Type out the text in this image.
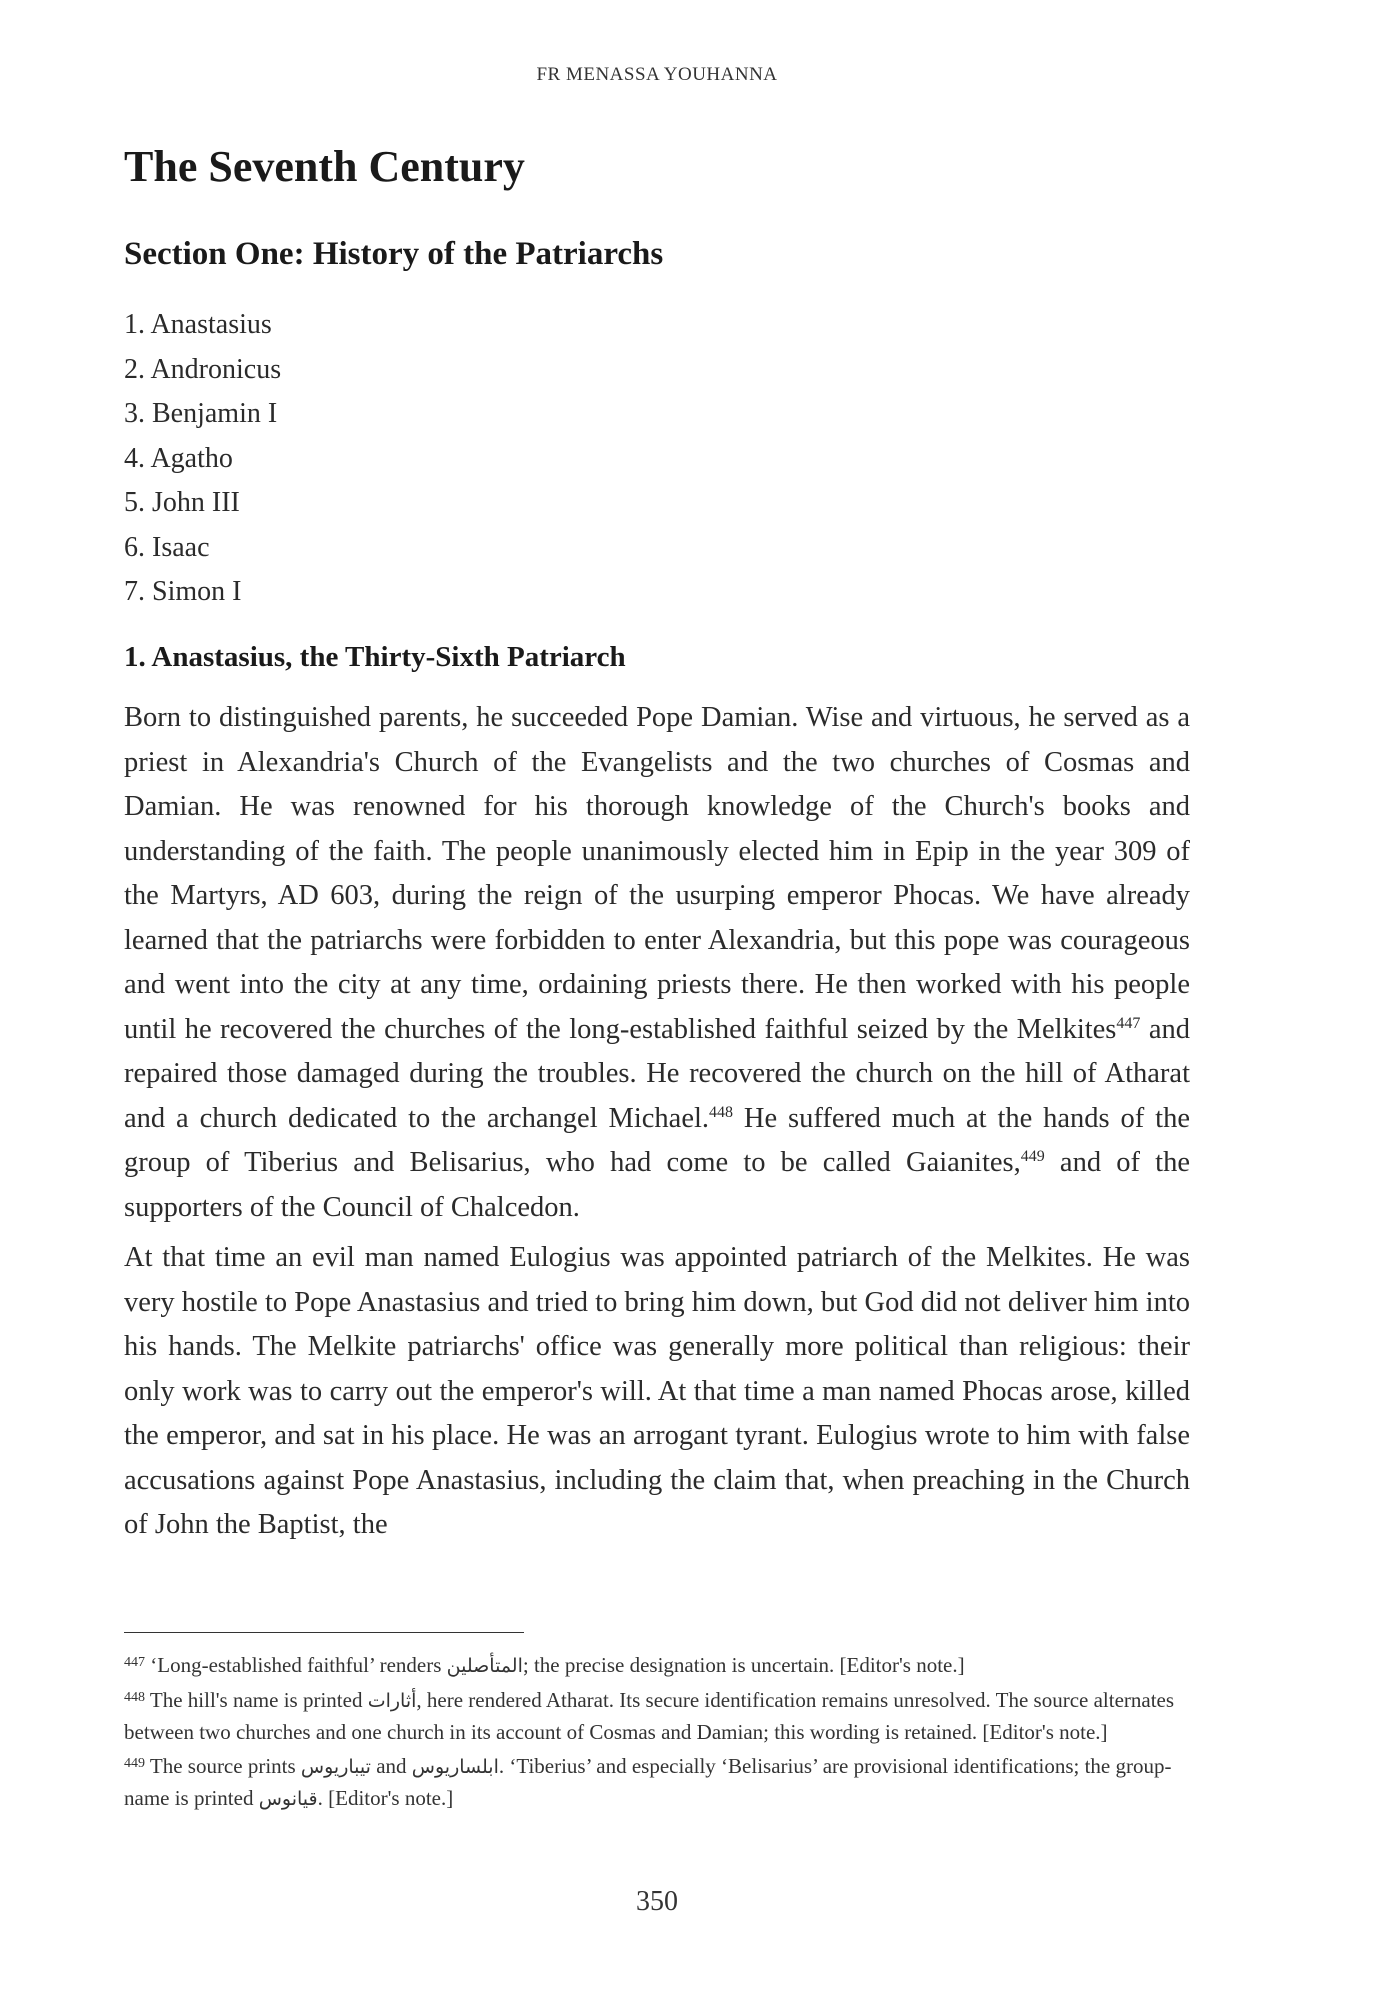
FR MENASSA YOUHANNA
The Seventh Century
Section One: History of the Patriarchs
1. Anastasius
2. Andronicus
3. Benjamin I
4. Agatho
5. John III
6. Isaac
7. Simon I
1. Anastasius, the Thirty-Sixth Patriarch

Born to distinguished parents, he succeeded Pope Damian. Wise and virtuous, he served as a priest in Alexandria's Church of the Evangelists and the two churches of Cosmas and Damian. He was renowned for his thorough knowledge of the Church's books and understanding of the faith. The people unanimously elected him in Epip in the year 309 of the Martyrs, AD 603, during the reign of the usurping emperor Phocas. We have already learned that the patriarchs were forbidden to enter Alexandria, but this pope was courageous and went into the city at any time, ordaining priests there. He then worked with his people until he recovered the churches of the long-established faithful seized by the Melkites$^{447}$ and repaired those damaged during the troubles. He recovered the church on the hill of Atharat and a church dedicated to the archangel Michael.$^{448}$ He suffered much at the hands of the group of Tiberius and Belisarius, who had come to be called Gaianites,$^{449}$ and of the supporters of the Council of Chalcedon.

At that time an evil man named Eulogius was appointed patriarch of the Melkites. He was very hostile to Pope Anastasius and tried to bring him down, but God did not deliver him into his hands. The Melkite patriarchs' office was generally more political than religious: their only work was to carry out the emperor's will. At that time a man named Phocas arose, killed the emperor, and sat in his place. He was an arrogant tyrant. Eulogius wrote to him with false accusations against Pope Anastasius, including the claim that, when preaching in the Church of John the Baptist, the

$^{447}$ ‘Long-established faithful’ renders المتأصلين; the precise designation is uncertain. [Editor's note.]

$^{448}$ The hill's name is printed أثارات, here rendered Atharat. Its secure identification remains unresolved. The source alternates between two churches and one church in its account of Cosmas and Damian; this wording is retained. [Editor's note.]

$^{449}$ The source prints تيباريوس and ابلساريوس. ‘Tiberius’ and especially ‘Belisarius’ are provisional identifications; the group-name is printed قيانوس. [Editor's note.]

350
